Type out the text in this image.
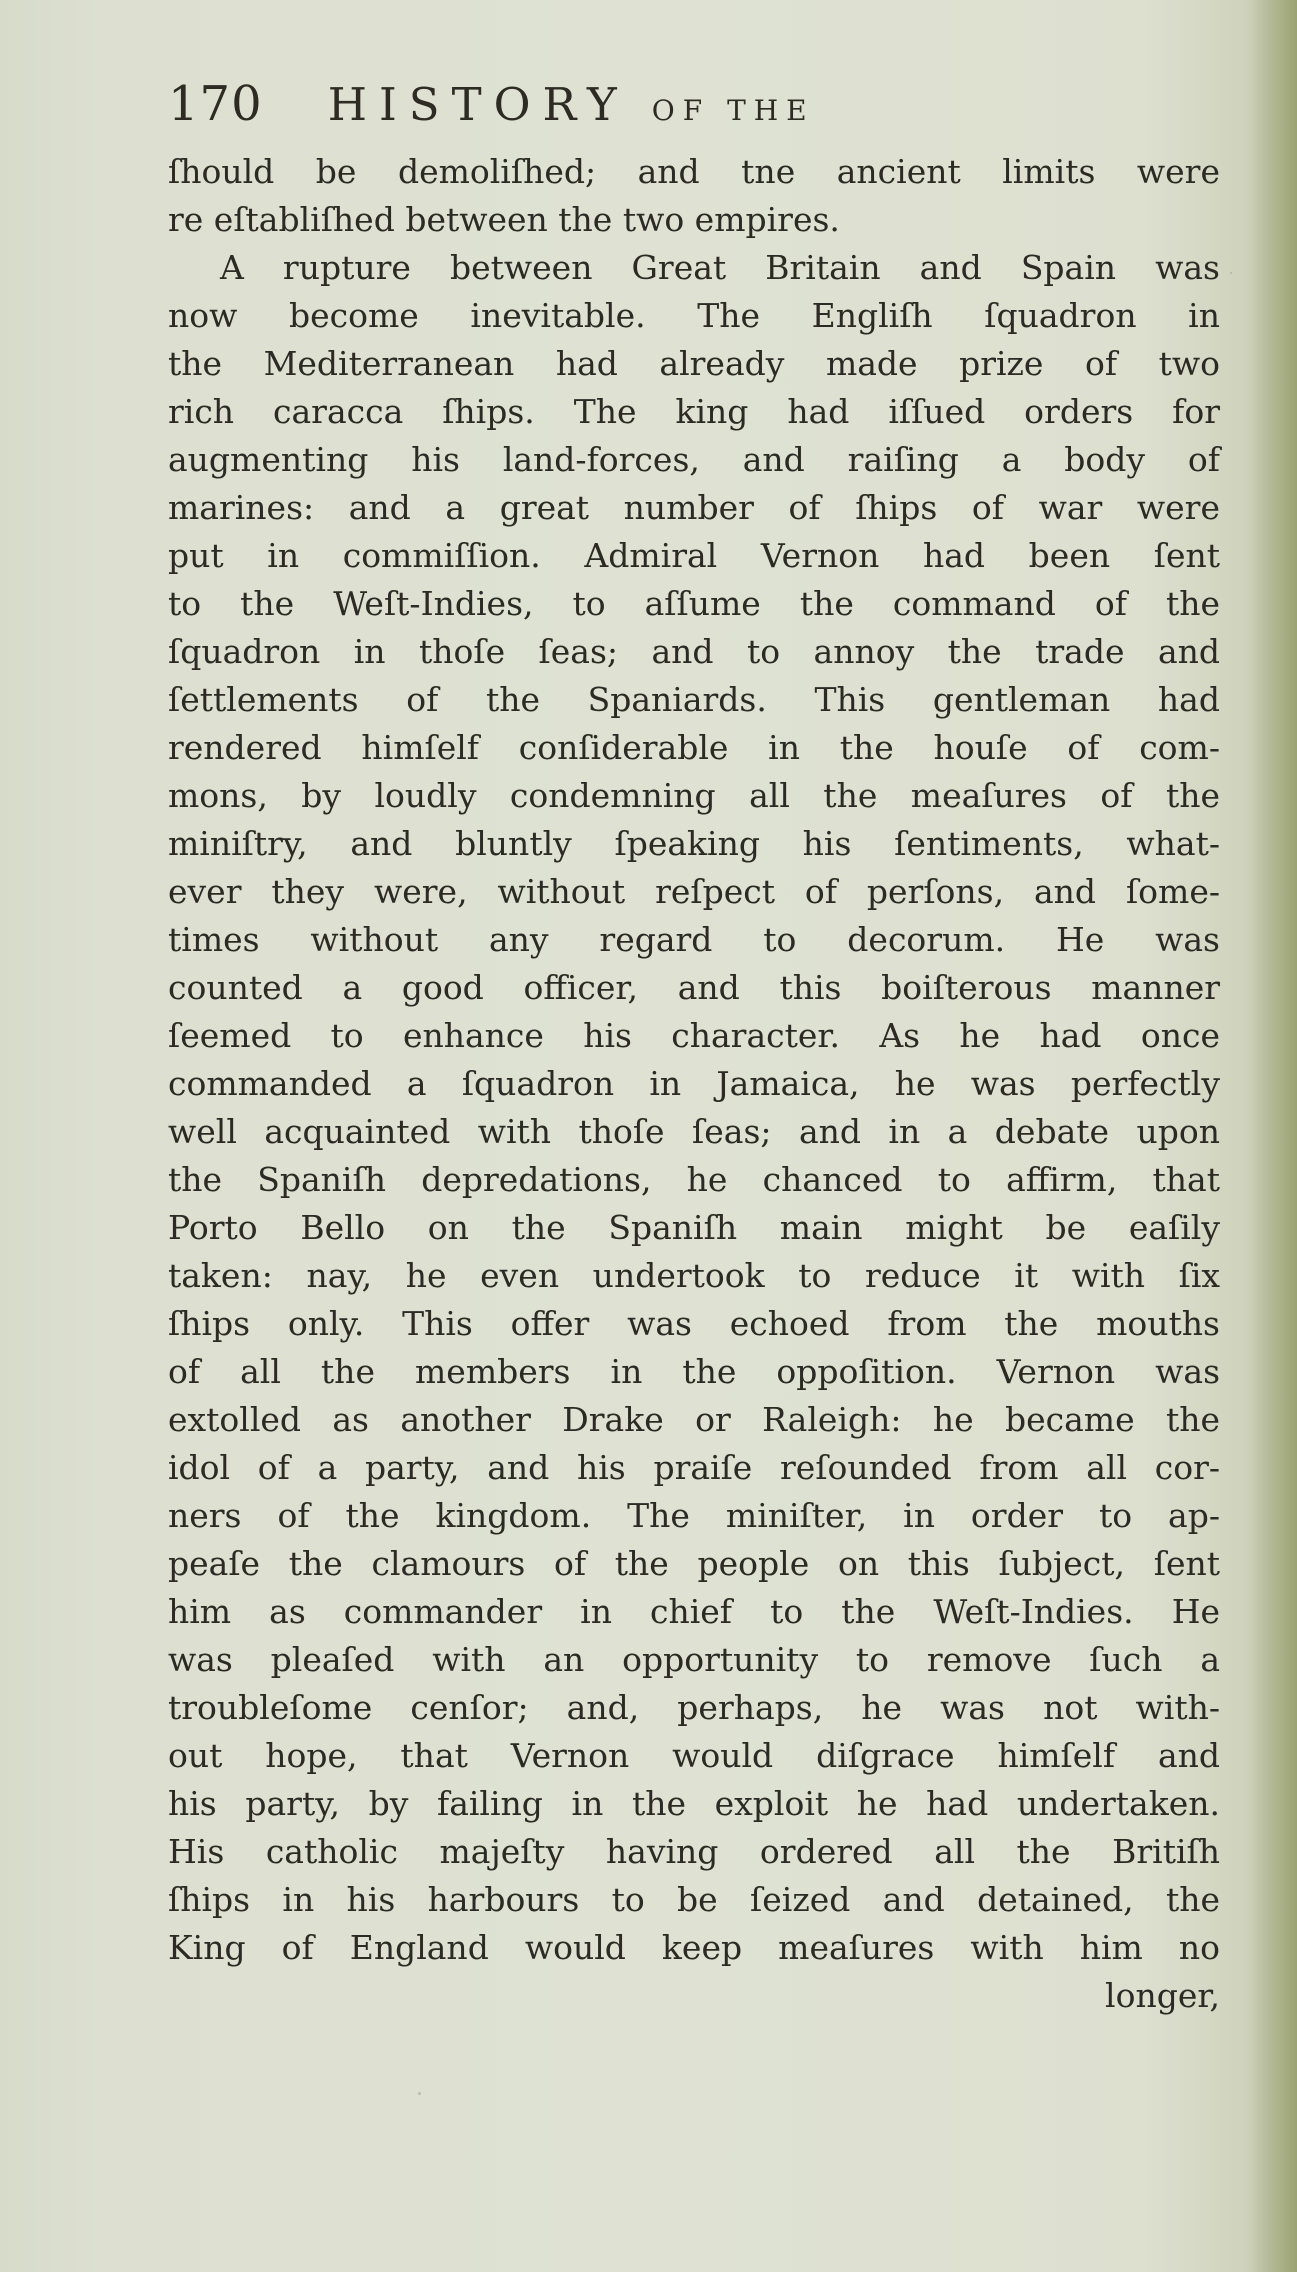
170 HISTORY OF THE
ſhould be demoliſhed; and tne ancient limits were
re eſtabliſhed between the two empires.
A rupture between Great Britain and Spain was
now become inevitable. The Engliſh ſquadron in
the Mediterranean had already made prize of two
rich caracca ſhips. The king had iſſued orders for
augmenting his land-forces, and raiſing a body of
marines: and a great number of ſhips of war were
put in commiſſion. Admiral Vernon had been ſent
to the Weſt-Indies, to aſſume the command of the
ſquadron in thoſe ſeas; and to annoy the trade and
ſettlements of the Spaniards. This gentleman had
rendered himſelf conſiderable in the houſe of com-
mons, by loudly condemning all the meaſures of the
miniſtry, and bluntly ſpeaking his ſentiments, what-
ever they were, without reſpect of perſons, and ſome-
times without any regard to decorum. He was
counted a good officer, and this boiſterous manner
ſeemed to enhance his character. As he had once
commanded a ſquadron in Jamaica, he was perfectly
well acquainted with thoſe ſeas; and in a debate upon
the Spaniſh depredations, he chanced to affirm, that
Porto Bello on the Spaniſh main might be eaſily
taken: nay, he even undertook to reduce it with ſix
ſhips only. This offer was echoed from the mouths
of all the members in the oppoſition. Vernon was
extolled as another Drake or Raleigh: he became the
idol of a party, and his praiſe reſounded from all cor-
ners of the kingdom. The miniſter, in order to ap-
peaſe the clamours of the people on this ſubject, ſent
him as commander in chief to the Weſt-Indies. He
was pleaſed with an opportunity to remove ſuch a
troubleſome cenſor; and, perhaps, he was not with-
out hope, that Vernon would diſgrace himſelf and
his party, by failing in the exploit he had undertaken.
His catholic majeſty having ordered all the Britiſh
ſhips in his harbours to be ſeized and detained, the
King of England would keep meaſures with him no
longer,
